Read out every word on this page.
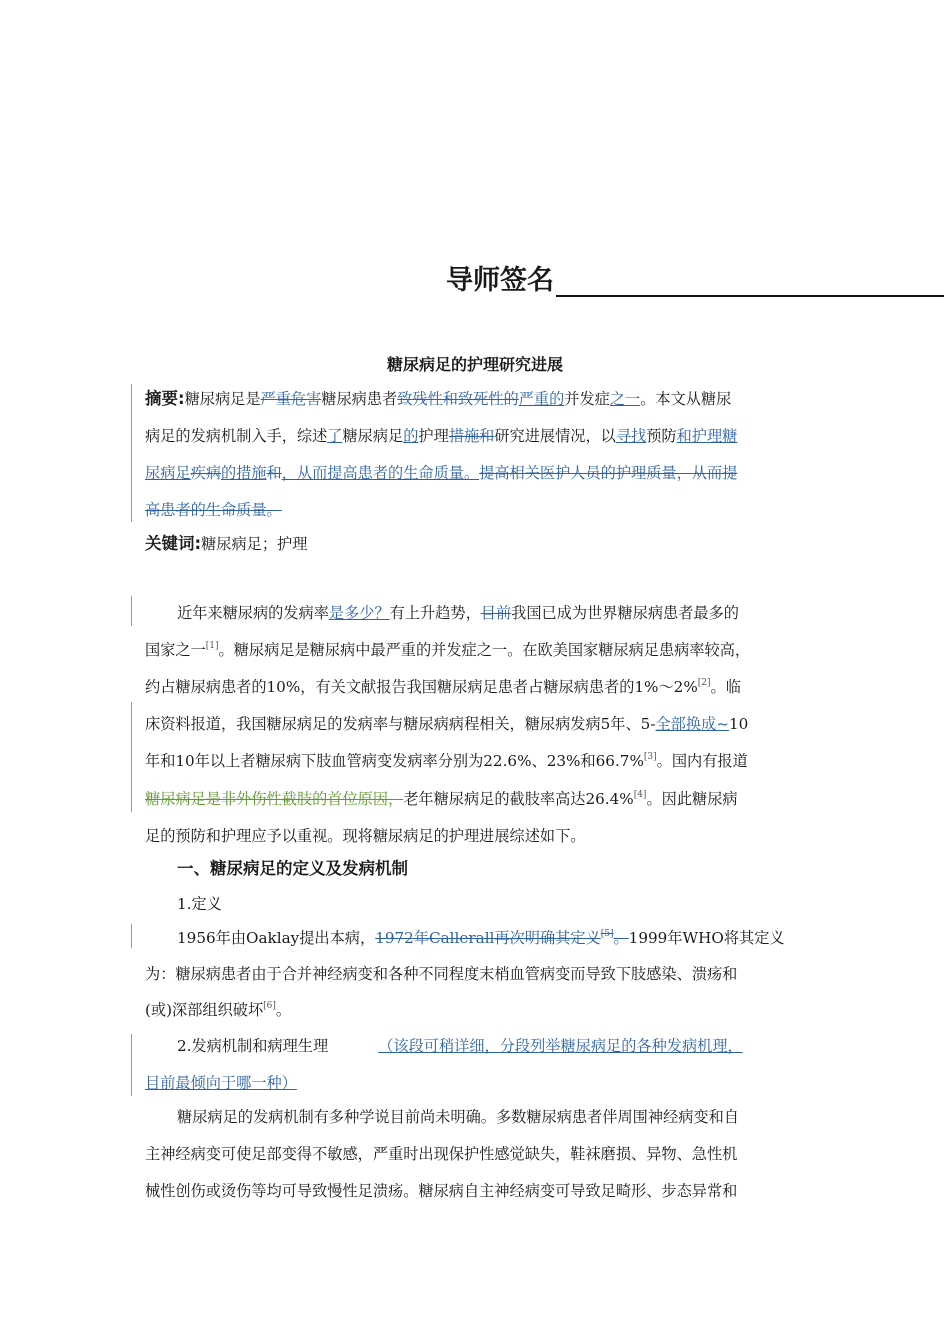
导师签名
糖尿病足的护理研究进展
摘要:糖尿病足是严重危害糖尿病患者致残性和致死性的严重的并发症之一。本文从糖尿
病足的发病机制入手，综述了糖尿病足的护理措施和研究进展情况，以寻找预防和护理糖
尿病足疾病的措施和，从而提高患者的生命质量。提高相关医护人员的护理质量，从而提
高患者的生命质量。
关键词:糖尿病足；护理
近年来糖尿病的发病率是多少？有上升趋势，目前我国已成为世界糖尿病患者最多的
国家之一[1]。糖尿病足是糖尿病中最严重的并发症之一。在欧美国家糖尿病足患病率较高，
约占糖尿病患者的10%，有关文献报告我国糖尿病足患者占糖尿病患者的1%～2%[2]。临
床资料报道，我国糖尿病足的发病率与糖尿病病程相关，糖尿病发病5年、5-全部换成~10
年和10年以上者糖尿病下肢血管病变发病率分别为22.6%、23%和66.7%[3]。国内有报道
糖尿病足是非外伤性截肢的首位原因，老年糖尿病足的截肢率高达26.4%[4]。因此糖尿病
足的预防和护理应予以重视。现将糖尿病足的护理进展综述如下。
一、糖尿病足的定义及发病机制
1.定义
1956年由Oaklay提出本病，1972年Callerall再次明确其定义[5]。1999年WHO将其定义
为：糖尿病患者由于合并神经病变和各种不同程度末梢血管病变而导致下肢感染、溃疡和
(或)深部组织破坏[6]。
2.发病机制和病理生理	（该段可稍详细，分段列举糖尿病足的各种发病机理，
目前最倾向于哪一种）
糖尿病足的发病机制有多种学说目前尚未明确。多数糖尿病患者伴周围神经病变和自
主神经病变可使足部变得不敏感，严重时出现保护性感觉缺失，鞋袜磨损、异物、急性机
械性创伤或烫伤等均可导致慢性足溃疡。糖尿病自主神经病变可导致足畸形、步态异常和
